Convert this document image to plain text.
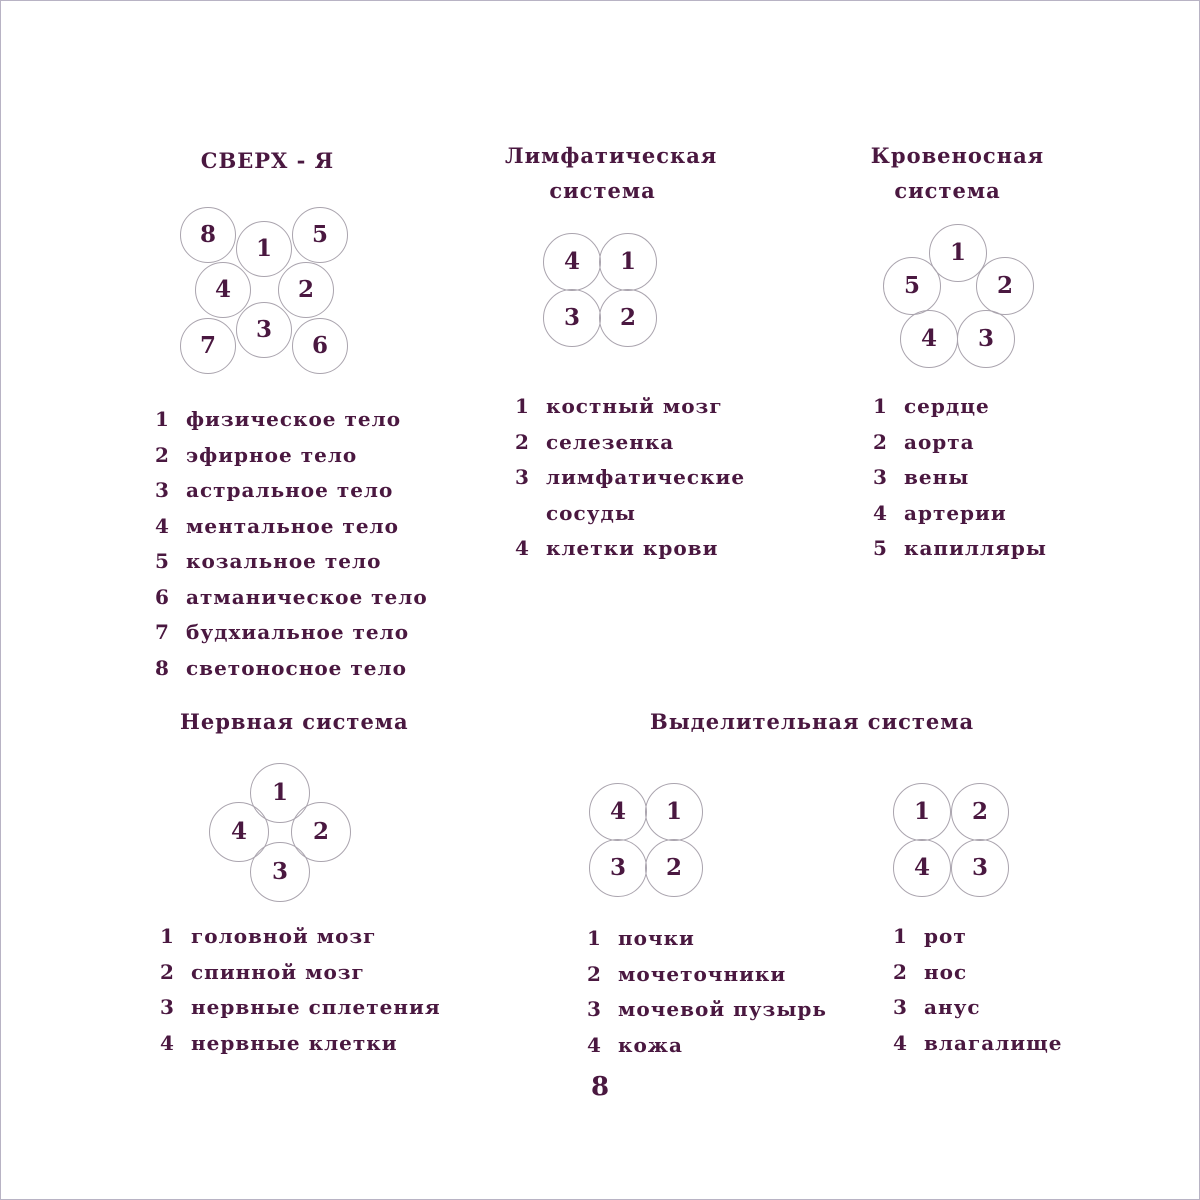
СВЕРХ - Я	Лимфатическая
система
Кровеносная
система
Нервная система	Выделительная система
8
1
5
4	2
7
3
6
4	1
3	2
1
5	2
4	3
1
4	2
3
4	1
3	2
1	2
4	3
1 физическое тело
2 эфирное тело
3 астральное тело
4 ментальное тело
5 козальное тело
6 атманическое тело
7 будхиальное тело
8 светоносное тело
1 костный мозг
2 селезенка
3 лимфатические
сосуды
4 клетки крови
1 сердце
2 аорта
3 вены
4 артерии
5 капилляры
1 головной мозг
2 спинной мозг
3 нервные сплетения
4 нервные клетки
1 почки
2 мочеточники
3 мочевой пузырь
4 кожа
1 рот
2 нос
3 анус
4 влагалище
8
